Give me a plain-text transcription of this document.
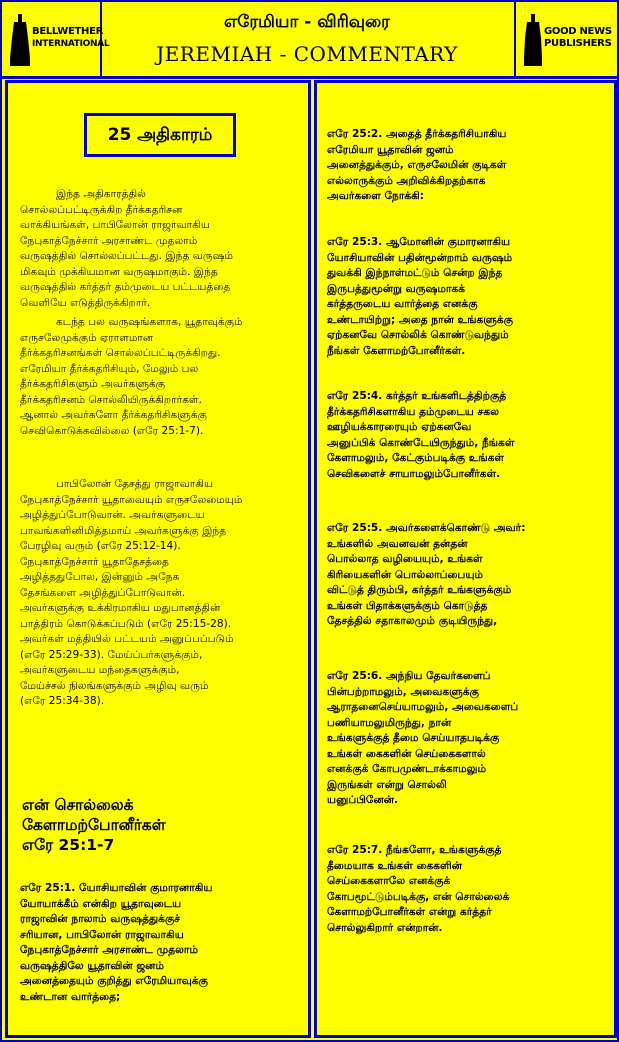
BELLWETHER
INTERNATIONAL
எரேமியா - விரிவுரை
JEREMIAH - COMMENTARY
GOOD NEWS
PUBLISHERS
25 அதிகாரம்
இந்த அதிகாரத்தில்
சொல்லப்பட்டிருக்கிற தீர்க்கதரிசன
வாக்கியங்கள், பாபிலோன் ராஜாவாகிய
நேபுகாத்நேச்சார் அரசாண்ட முதலாம்
வருஷத்தில் சொல்லப்பட்டது. இந்த வருஷம்
மிகவும் முக்கியமான வருஷமாகும். இந்த
வருஷத்தில் கர்த்தர் தம்முடைய பட்டயத்தை
வெளியே எடுத்திருக்கிறார்.
கடந்த பல வருஷங்களாக, யூதாவுக்கும்
எருசலேமுக்கும் ஏராளமான
தீர்க்கதரிசனங்கள் சொல்லப்பட்டிருக்கிறது.
எரேமியா தீர்க்கதரிசியும், மேலும் பல
தீர்க்கதரிசிகளும் அவர்களுக்கு
தீர்க்கதரிசனம் சொல்லியிருக்கிறார்கள்.
ஆனால் அவர்களோ தீர்க்கதரிசிகளுக்கு
செவிகொடுக்கவில்லை (எரே 25:1-7).
பாபிலோன் தேசத்து ராஜாவாகிய
நேபுகாத்நேச்சார் யூதாவையும் எருசலேமையும்
அழித்துப்போடுவான். அவர்களுடைய
பாவங்களினிமித்தமாய் அவர்களுக்கு இந்த
பேரழிவு வரும் (எரே 25:12-14).
நேபுகாத்நேச்சார் யூதாதேசத்தை
அழித்ததுபோல, இன்னும் அநேக
தேசங்களை அழித்துப்போடுவான்.
அவர்களுக்கு உக்கிரமாகிய மதுபானத்தின்
பாத்திரம் கொடுக்கப்படும் (எரே 25:15-28).
அவர்கள் மத்தியில் பட்டயம் அனுப்பப்படும்
(எரே 25:29-33). மேய்ப்பர்களுக்கும்,
அவர்களுடைய மந்தைகளுக்கும்,
மேய்ச்சல் நிலங்களுக்கும் அழிவு வரும்
(எரே 25:34-38).
என் சொல்லைக்
கேளாமற்போனீர்கள்
எரே 25:1-7
எரே 25:1. யோசியாவின் குமாரனாகிய
யோயாக்கீம் என்கிற யூதாவுடைய
ராஜாவின் நாலாம் வருஷத்துக்குச்
சரியான, பாபிலோன் ராஜாவாகிய
நேபுகாத்நேச்சார் அரசாண்ட முதலாம்
வருஷத்திலே யூதாவின் ஜனம்
அனைத்தையும் குறித்து எரேமியாவுக்கு
உண்டான வார்த்தை;
எரே 25:2. அதைத் தீர்க்கதரிசியாகிய
எரேமியா யூதாவின் ஜனம்
அனைத்துக்கும், எருசலேமின் குடிகள்
எல்லாருக்கும் அறிவிக்கிறதற்காக
அவர்களை நோக்கி:
எரே 25:3. ஆமோனின் குமாரனாகிய
யோசியாவின் பதின்மூன்றாம் வருஷம்
துவக்கி இந்நாள்மட்டும் சென்ற இந்த
இருபத்துமூன்று வருஷமாகக்
கர்த்தருடைய வார்த்தை எனக்கு
உண்டாயிற்று; அதை நான் உங்களுக்கு
ஏற்கனவே சொல்லிக் கொண்டுவந்தும்
நீங்கள் கேளாமற்போனீர்கள்.
எரே 25:4. கர்த்தர் உங்களிடத்திற்குத்
தீர்க்கதரிசிகளாகிய தம்முடைய சகல
ஊழியக்காரரையும் ஏற்கனவே
அனுப்பிக் கொண்டேயிருந்தும், நீங்கள்
கேளாமலும், கேட்கும்படிக்கு உங்கள்
செவிகளைச் சாயாமலும்போனீர்கள்.
எரே 25:5. அவர்களைக்கொண்டு அவர்:
உங்களில் அவனவன் தன்தன்
பொல்லாத வழியையும், உங்கள்
கிரியைகளின் பொல்லாப்பையும்
விட்டுத் திரும்பி, கர்த்தர் உங்களுக்கும்
உங்கள் பிதாக்களுக்கும் கொடுத்த
தேசத்தில் சதாகாலமும் குடியிருந்து,
எரே 25:6. அந்நிய தேவர்களைப்
பின்பற்றாமலும், அவைகளுக்கு
ஆராதனைசெய்யாமலும், அவைகளைப்
பணியாமலுமிருந்து, நான்
உங்களுக்குத் தீமை செய்யாதபடிக்கு
உங்கள் கைகளின் செய்கைகளால்
எனக்குக் கோபமுண்டாக்காமலும்
இருங்கள் என்று சொல்லி
யனுப்பினேன்.
எரே 25:7. நீங்களோ, உங்களுக்குத்
தீமையாக உங்கள் கைகளின்
செய்கைகளாலே எனக்குக்
கோபமூட்டும்படிக்கு, என் சொல்லைக்
கேளாமற்போனீர்கள் என்று கர்த்தர்
சொல்லுகிறார் என்றான்.
